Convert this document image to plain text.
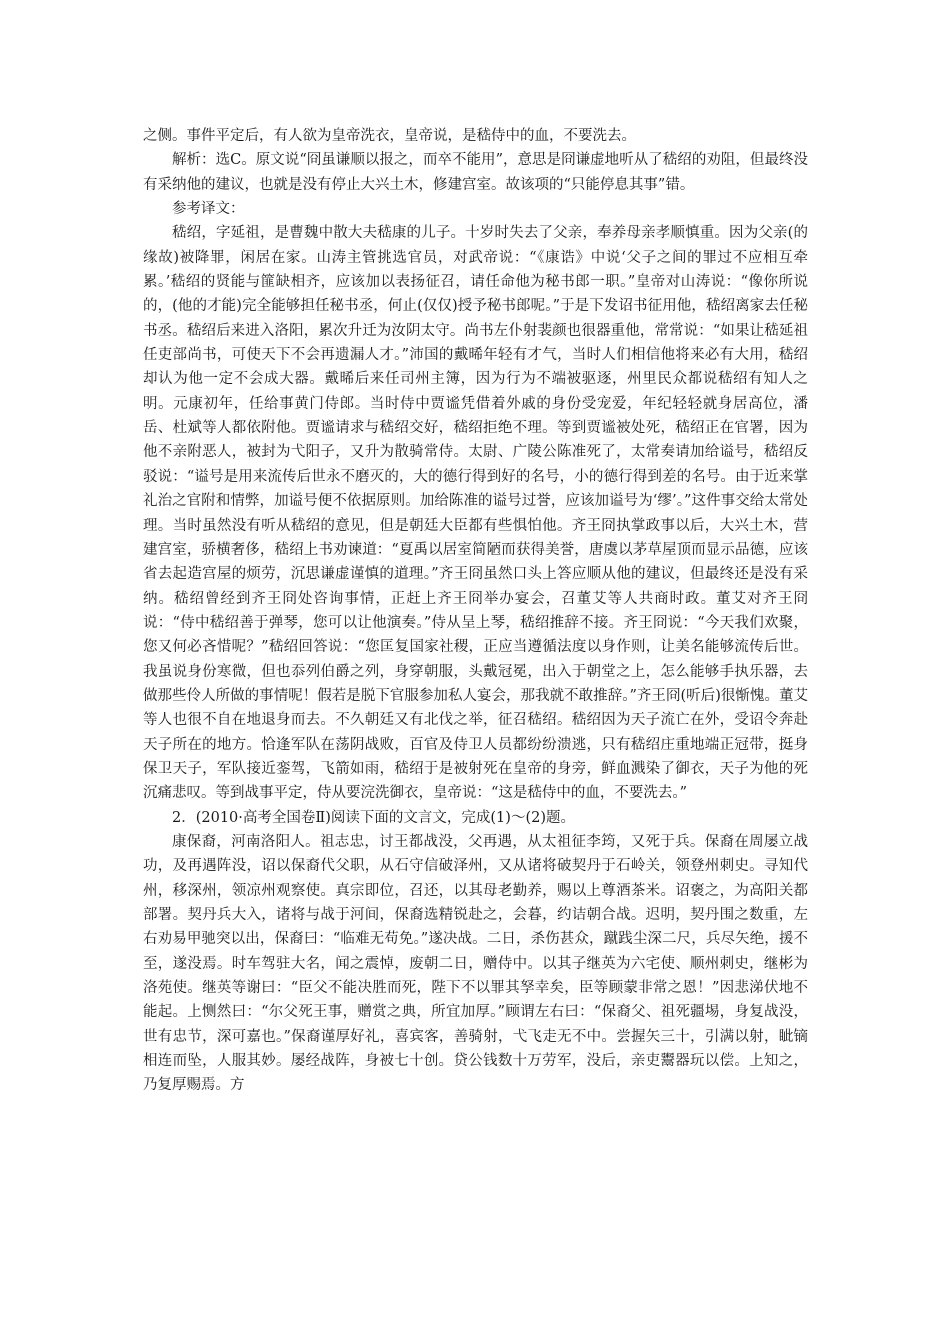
之侧。事件平定后，有人欲为皇帝洗衣，皇帝说，是嵇侍中的血，不要洗去。

解析：选C。原文说“冏虽谦顺以报之，而卒不能用”，意思是冏谦虚地听从了嵇绍的劝阻，但最终没有采纳他的建议，也就是没有停止大兴土木，修建宫室。故该项的“只能停息其事”错。

参考译文：

嵇绍，字延祖，是曹魏中散大夫嵇康的儿子。十岁时失去了父亲，奉养母亲孝顺慎重。因为父亲(的缘故)被降罪，闲居在家。山涛主管挑选官员，对武帝说：“《康诰》中说‘父子之间的罪过不应相互牵累。’嵇绍的贤能与篚缺相齐，应该加以表扬征召，请任命他为秘书郎一职。”皇帝对山涛说：“像你所说的，(他的才能)完全能够担任秘书丞，何止(仅仅)授予秘书郎呢。”于是下发诏书征用他，嵇绍离家去任秘书丞。嵇绍后来进入洛阳，累次升迁为汝阴太守。尚书左仆射裴颜也很器重他，常常说：“如果让嵇延祖任吏部尚书，可使天下不会再遗漏人才。”沛国的戴晞年轻有才气，当时人们相信他将来必有大用，嵇绍却认为他一定不会成大器。戴晞后来任司州主簿，因为行为不端被驱逐，州里民众都说嵇绍有知人之明。元康初年，任给事黄门侍郎。当时侍中贾谧凭借着外戚的身份受宠爱，年纪轻轻就身居高位，潘岳、杜斌等人都依附他。贾谧请求与嵇绍交好，嵇绍拒绝不理。等到贾谧被处死，嵇绍正在官署，因为他不亲附恶人，被封为弋阳子，又升为散骑常侍。太尉、广陵公陈准死了，太常奏请加给谥号，嵇绍反驳说：“谥号是用来流传后世永不磨灭的，大的德行得到好的名号，小的德行得到差的名号。由于近来掌礼治之官附和情弊，加谥号便不依据原则。加给陈准的谥号过誉，应该加谥号为‘缪’。”这件事交给太常处理。当时虽然没有听从嵇绍的意见，但是朝廷大臣都有些惧怕他。齐王冏执掌政事以后，大兴土木，营建宫室，骄横奢侈，嵇绍上书劝谏道：“夏禹以居室简陋而获得美誉，唐虞以茅草屋顶而显示品德，应该省去起造宫屋的烦劳，沉思谦虚谨慎的道理。”齐王冏虽然口头上答应顺从他的建议，但最终还是没有采纳。嵇绍曾经到齐王冏处咨询事情，正赶上齐王冏举办宴会，召董艾等人共商时政。董艾对齐王冏说：“侍中嵇绍善于弹琴，您可以让他演奏。”侍从呈上琴，嵇绍推辞不接。齐王冏说：“今天我们欢聚，您又何必吝惜呢？”嵇绍回答说：“您匡复国家社稷，正应当遵循法度以身作则，让美名能够流传后世。我虽说身份寒微，但也忝列伯爵之列，身穿朝服，头戴冠冕，出入于朝堂之上，怎么能够手执乐器，去做那些伶人所做的事情呢！假若是脱下官服参加私人宴会，那我就不敢推辞。”齐王冏(听后)很惭愧。董艾等人也很不自在地退身而去。不久朝廷又有北伐之举，征召嵇绍。嵇绍因为天子流亡在外，受诏令奔赴天子所在的地方。恰逢军队在荡阴战败，百官及侍卫人员都纷纷溃逃，只有嵇绍庄重地端正冠带，挺身保卫天子，军队接近銮驾，飞箭如雨，嵇绍于是被射死在皇帝的身旁，鲜血溅染了御衣，天子为他的死沉痛悲叹。等到战事平定，侍从要浣洗御衣，皇帝说：“这是嵇侍中的血，不要洗去。”

2．(2010·高考全国卷Ⅱ)阅读下面的文言文，完成(1)～(2)题。

康保裔，河南洛阳人。祖志忠，讨王都战没，父再遇，从太祖征李筠，又死于兵。保裔在周屡立战功，及再遇阵没，诏以保裔代父职，从石守信破泽州，又从诸将破契丹于石岭关，领登州刺史。寻知代州，移深州，领凉州观察使。真宗即位，召还，以其母老勤养，赐以上尊酒茶米。诏褒之，为高阳关都部署。契丹兵大入，诸将与战于河间，保裔选精锐赴之，会暮，约诘朝合战。迟明，契丹围之数重，左右劝易甲驰突以出，保裔曰：“临难无苟免。”遂决战。二日，杀伤甚众，蹴践尘深二尺，兵尽矢绝，援不至，遂没焉。时车驾驻大名，闻之震悼，废朝二日，赠侍中。以其子继英为六宅使、顺州刺史，继彬为洛苑使。继英等谢曰：“臣父不能决胜而死，陛下不以罪其孥幸矣，臣等顾蒙非常之恩！”因悲涕伏地不能起。上恻然曰：“尔父死王事，赠赏之典，所宜加厚。”顾谓左右曰：“保裔父、祖死疆埸，身复战没，世有忠节，深可嘉也。”保裔谨厚好礼，喜宾客，善骑射，弋飞走无不中。尝握矢三十，引满以射，眦镝相连而坠，人服其妙。屡经战阵，身被七十创。贷公钱数十万劳军，没后，亲吏鬻器玩以偿。上知之，乃复厚赐焉。方
